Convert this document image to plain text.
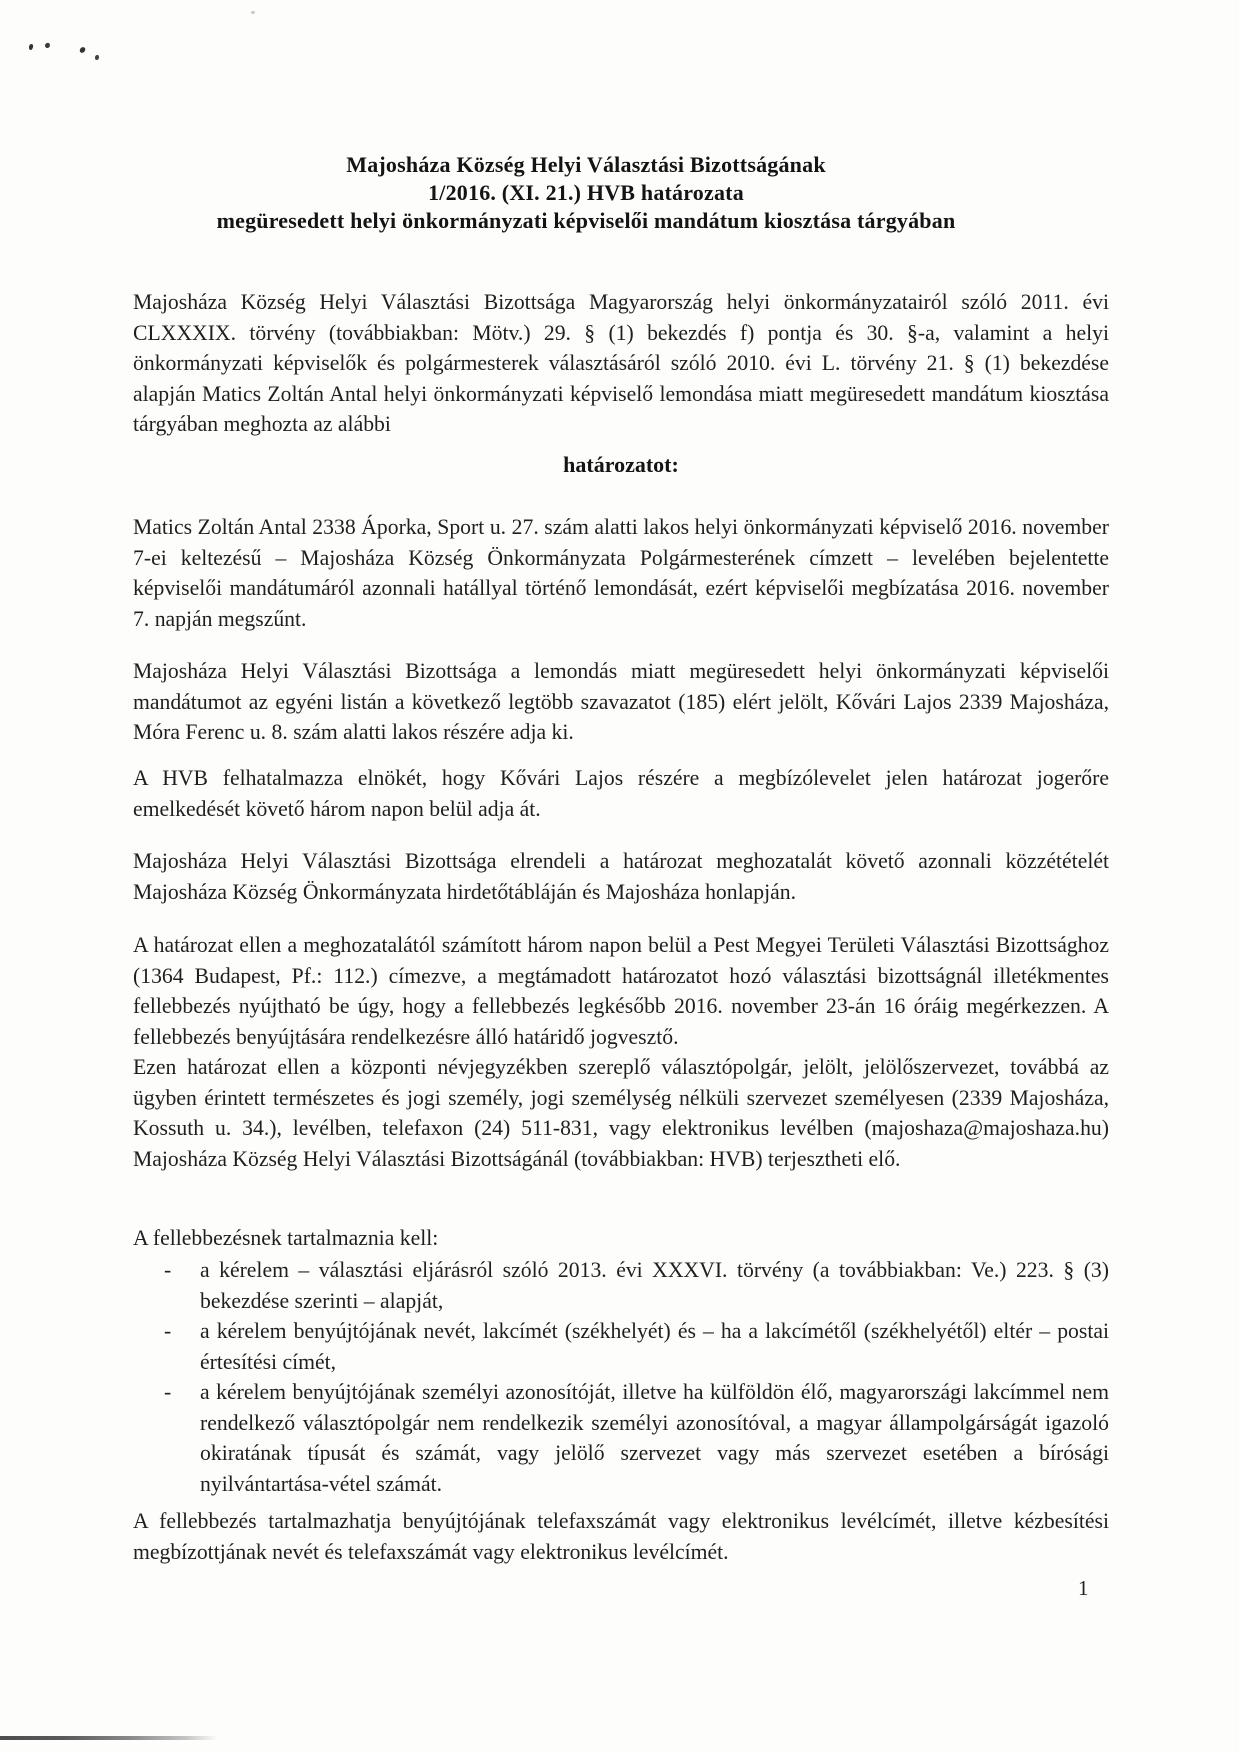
Majosháza Község Helyi Választási Bizottságának
1/2016. (XI. 21.) HVB határozata
megüresedett helyi önkormányzati képviselői mandátum kiosztása tárgyában

Majosháza Község Helyi Választási Bizottsága Magyarország helyi önkormányzatairól szóló 2011. évi CLXXXIX. törvény (továbbiakban: Mötv.) 29. § (1) bekezdés f) pontja és 30. §-a, valamint a helyi önkormányzati képviselők és polgármesterek választásáról szóló 2010. évi L. törvény 21. § (1) bekezdése alapján Matics Zoltán Antal helyi önkormányzati képviselő lemondása miatt megüresedett mandátum kiosztása tárgyában meghozta az alábbi

határozatot:

Matics Zoltán Antal 2338 Áporka, Sport u. 27. szám alatti lakos helyi önkormányzati képviselő 2016. november 7-ei keltezésű – Majosháza Község Önkormányzata Polgármesterének címzett – levelében bejelentette képviselői mandátumáról azonnali hatállyal történő lemondását, ezért képviselői megbízatása 2016. november 7. napján megszűnt.

Majosháza Helyi Választási Bizottsága a lemondás miatt megüresedett helyi önkormányzati képviselői mandátumot az egyéni listán a következő legtöbb szavazatot (185) elért jelölt, Kővári Lajos 2339 Majosháza, Móra Ferenc u. 8. szám alatti lakos részére adja ki.

A HVB felhatalmazza elnökét, hogy Kővári Lajos részére a megbízólevelet jelen határozat jogerőre emelkedését követő három napon belül adja át.

Majosháza Helyi Választási Bizottsága elrendeli a határozat meghozatalát követő azonnali közzétételét Majosháza Község Önkormányzata hirdetőtábláján és Majosháza honlapján.

A határozat ellen a meghozatalától számított három napon belül a Pest Megyei Területi Választási Bizottsághoz (1364 Budapest, Pf.: 112.) címezve, a megtámadott határozatot hozó választási bizottságnál illetékmentes fellebbezés nyújtható be úgy, hogy a fellebbezés legkésőbb 2016. november 23-án 16 óráig megérkezzen. A fellebbezés benyújtására rendelkezésre álló határidő jogvesztő.

Ezen határozat ellen a központi névjegyzékben szereplő választópolgár, jelölt, jelölőszervezet, továbbá az ügyben érintett természetes és jogi személy, jogi személység nélküli szervezet személyesen (2339 Majosháza, Kossuth u. 34.), levélben, telefaxon (24) 511-831, vagy elektronikus levélben (majoshaza@majoshaza.hu) Majosháza Község Helyi Választási Bizottságánál (továbbiakban: HVB) terjesztheti elő.

A fellebbezésnek tartalmaznia kell:

-	a kérelem – választási eljárásról szóló 2013. évi XXXVI. törvény (a továbbiakban: Ve.) 223. § (3) bekezdése szerinti – alapját,
-	a kérelem benyújtójának nevét, lakcímét (székhelyét) és – ha a lakcímétől (székhelyétől) eltér – postai értesítési címét,
-	a kérelem benyújtójának személyi azonosítóját, illetve ha külföldön élő, magyarországi lakcímmel nem rendelkező választópolgár nem rendelkezik személyi azonosítóval, a magyar állampolgárságát igazoló okiratának típusát és számát, vagy jelölő szervezet vagy más szervezet esetében a bírósági nyilvántartása-vétel számát.

A fellebbezés tartalmazhatja benyújtójának telefaxszámát vagy elektronikus levélcímét, illetve kézbesítési megbízottjának nevét és telefaxszámát vagy elektronikus levélcímét.

1
